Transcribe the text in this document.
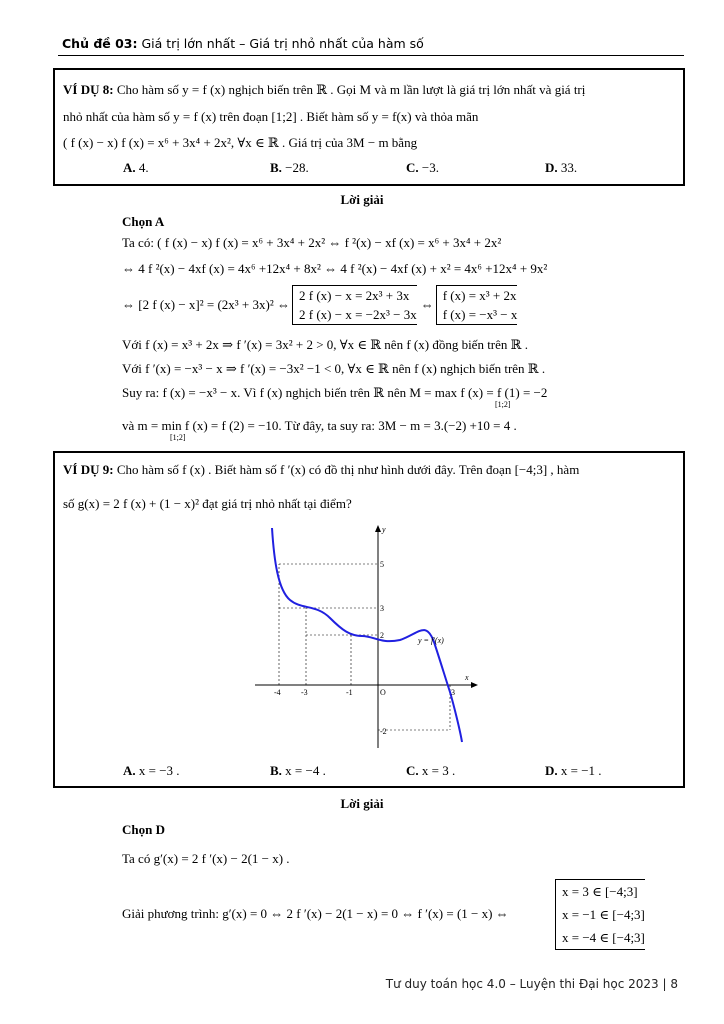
Chủ đề 03: Giá trị lớn nhất – Giá trị nhỏ nhất của hàm số
VÍ DỤ 8: Cho hàm số y = f (x) nghịch biến trên ℝ . Gọi M và m lần lượt là giá trị lớn nhất và giá trị
nhỏ nhất của hàm số y = f (x) trên đoạn [1;2] . Biết hàm số y = f(x) và thỏa mãn
( f (x) − x) f (x) = x⁶ + 3x⁴ + 2x², ∀x ∈ ℝ . Giá trị của 3M − m bằng
A. 4.	B. −28.	C. −3.	D. 33.
Lời giải
Chọn A
Ta có: ( f (x) − x) f (x) = x⁶ + 3x⁴ + 2x² ⇔ f ²(x) − xf (x) = x⁶ + 3x⁴ + 2x²
⇔ 4 f ²(x) − 4xf (x) = 4x⁶ +12x⁴ + 8x² ⇔ 4 f ²(x) − 4xf (x) + x² = 4x⁶ +12x⁴ + 9x²
⇔ [2 f (x) − x]² = (2x³ + 3x)² ⇔
2 f (x) − x = 2x³ + 3x
2 f (x) − x = −2x³ − 3x
⇔
f (x) = x³ + 2x
f (x) = −x³ − x
Với f (x) = x³ + 2x ⇒ f ′(x) = 3x² + 2 > 0, ∀x ∈ ℝ nên f (x) đồng biến trên ℝ .
Với f ′(x) = −x³ − x ⇒ f ′(x) = −3x² −1 < 0, ∀x ∈ ℝ nên f (x) nghịch biến trên ℝ .
Suy ra: f (x) = −x³ − x. Vì f (x) nghịch biến trên ℝ nên M = max f (x) = f (1) = −2
[1;2]
và m = min f (x) = f (2) = −10. Từ đây, ta suy ra: 3M − m = 3.(−2) +10 = 4 .
[1;2]
VÍ DỤ 9: Cho hàm số f (x) . Biết hàm số f ′(x) có đồ thị như hình dưới đây. Trên đoạn [−4;3] , hàm
số g(x) = 2 f (x) + (1 − x)² đạt giá trị nhỏ nhất tại điểm?
y = f′(x)
x
y
O
-4	-3	-1	3
5
3
2
-2
A. x = −3 .	B. x = −4 .	C. x = 3 .	D. x = −1 .
Lời giải
Chọn D
Ta có g′(x) = 2 f ′(x) − 2(1 − x) .
Giải phương trình: g′(x) = 0 ⇔ 2 f ′(x) − 2(1 − x) = 0 ⇔ f ′(x) = (1 − x) ⇔
x = 3 ∈ [−4;3]
x = −1 ∈ [−4;3]
x = −4 ∈ [−4;3]
Tư duy toán học 4.0 – Luyện thi Đại học 2023 | 8
